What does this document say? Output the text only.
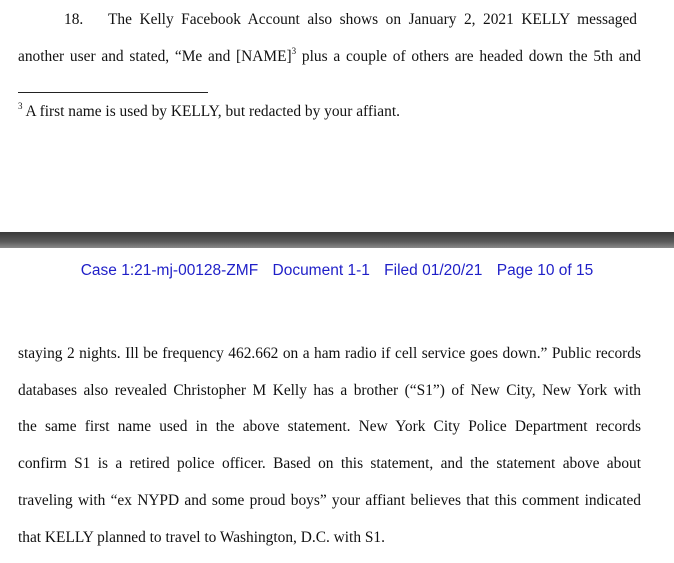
18. The Kelly Facebook Account also shows on January 2, 2021 KELLY messaged
another user and stated, “Me and [NAME]$^3$ plus a couple of others are headed down the 5th and
$^3$ A first name is used by KELLY, but redacted by your affiant.
Case 1:21-mj-00128-ZMF Document 1-1 Filed 01/20/21 Page 10 of 15
staying 2 nights. Ill be frequency 462.662 on a ham radio if cell service goes down.” Public records
databases also revealed Christopher M Kelly has a brother (“S1”) of New City, New York with
the same first name used in the above statement. New York City Police Department records
confirm S1 is a retired police officer. Based on this statement, and the statement above about
traveling with “ex NYPD and some proud boys” your affiant believes that this comment indicated
that KELLY planned to travel to Washington, D.C. with S1.
